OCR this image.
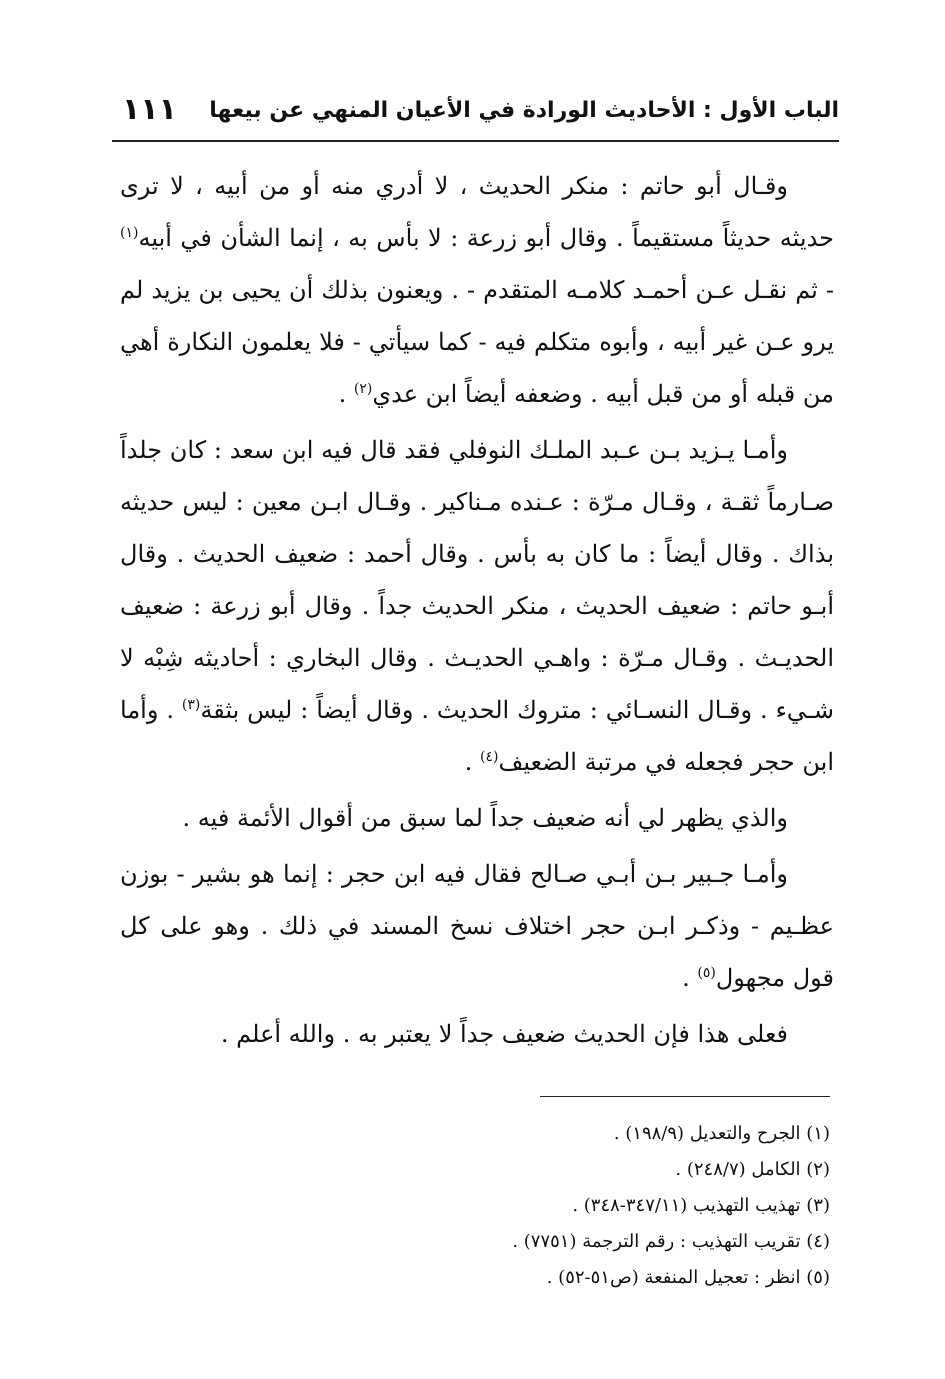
الباب الأول : الأحاديث الورادة في الأعيان المنهي عن بيعها
١١١

وقـال أبو حاتم : منكر الحديث ، لا أدري منه أو من أبيه ، لا ترى حديثه حديثاً مستقيماً . وقال أبو زرعة : لا بأس به ، إنما الشأن في أبيه$^{(١)}$ - ثم نقـل عـن أحمـد كلامـه المتقدم - . ويعنون بذلك أن يحيى بن يزيد لم يرو عـن غير أبيه ، وأبوه متكلم فيه - كما سيأتي - فلا يعلمون النكارة أهي من قبله أو من قبل أبيه . وضعفه أيضاً ابن عدي$^{(٢)}$ .

وأمـا يـزيد بـن عـبد الملـك النوفلي فقد قال فيه ابن سعد : كان جلداً صـارماً ثقـة ، وقـال مـرّة : عـنده مـناكير . وقـال ابـن معين : ليس حديثه بذاك . وقال أيضاً : ما كان به بأس . وقال أحمد : ضعيف الحديث . وقال أبـو حاتم : ضعيف الحديث ، منكر الحديث جداً . وقال أبو زرعة : ضعيف الحديـث . وقـال مـرّة : واهـي الحديـث . وقال البخاري : أحاديثه شِبْه لا شـيء . وقـال النسـائي : متروك الحديث . وقال أيضاً : ليس بثقة$^{(٣)}$ . وأما ابن حجر فجعله في مرتبة الضعيف$^{(٤)}$ .

والذي يظهر لي أنه ضعيف جداً لما سبق من أقوال الأئمة فيه .

وأمـا جـبير بـن أبـي صـالح فقال فيه ابن حجر : إنما هو بشير - بوزن عظـيم - وذكـر ابـن حجر اختلاف نسخ المسند في ذلك . وهو على كل قول مجهول$^{(٥)}$ .

فعلى هذا فإن الحديث ضعيف جداً لا يعتبر به . والله أعلم .

(١) الجرح والتعديل (١٩٨/٩) .
(٢) الكامل (٢٤٨/٧) .
(٣) تهذيب التهذيب (٣٤٧/١١-٣٤٨) .
(٤) تقريب التهذيب : رقم الترجمة (٧٧٥١) .
(٥) انظر : تعجيل المنفعة (ص٥١-٥٢) .
